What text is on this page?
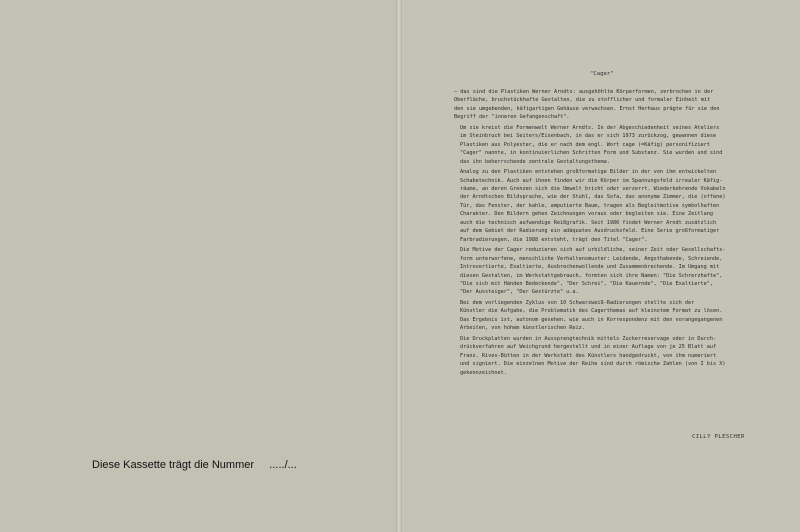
Diese Kassette trägt die Nummer     ...../...
"Cager"

– das sind die Plastiken Werner Arndts: ausgehöhlte Körperformen, zerbrochen in der
Oberfläche, bruchstückhafte Gestalten, die zu stofflicher und formaler Einheit mit
den sie umgebenden, käfigartigen Gehäuse verwachsen. Ernst Herhaus prägte für sie den
Begriff der "inneren Gefangenschaft".

Um sie kreist die Formenwelt Werner Arndts. In der Abgeschiedenheit seines Ateliers
im Steinbruch bei Seiters/Eisenbach, in das er sich 1973 zurückzog, gewannen diese
Plastiken aus Polyester, die er nach dem engl. Wort cage (=Käfig) personifiziert
"Cager" nannte, in kontinuierlichen Schritten Form und Substanz. Sie wurden und sind
das ihn beherrschende zentrale Gestaltungsthema.

Analog zu den Plastiken entstehen großformatige Bilder in der von ihm entwickelten
Schabetechnik. Auch auf ihnen finden wir die Körper im Spannungsfeld irrealer Käfig-
räume, an deren Grenzen sich die Umwelt bricht oder verzerrt. Wiederkehrende Vokabeln
der Arndtschen Bildsprache, wie der Stuhl, das Sofa, das anonyme Zimmer, die (offene)
Tür, das Fenster, der kahle, amputierte Baum, tragen als Begleitmotive symbolhaften
Charakter. Den Bildern gehen Zeichnungen voraus oder begleiten sie. Eine Zeitlang
auch die technisch aufwendige Reißgrafik. Seit 1986 findet Werner Arndt zusätzlich
auf dem Gebiet der Radierung ein adäquates Ausdrucksfeld. Eine Serie großformatiger
Farbradierungen, die 1988 entsteht, trägt den Titel "Cager".

Die Motive der Cager reduzieren sich auf urbildliche, seiner Zeit oder Gesellschafts-
form unterworfene, menschliche Verhaltensmuster: Leidende, Angsthabende, Schreiende,
Introvertierte, Exaltierte, Ausbrechenwollende und Zusammenbrechende. Im Umgang mit
diesen Gestalten, im Werkstattgebrauch, formten sich ihre Namen: "Die Schrerzhafte",
"Die sich mit Händen Bedeckende", "Der Schrei", "Die Kauernde", "Die Exaltierte",
"Der Aussteiger", "Der Gestürzte" u.a.

Bei dem vorliegenden Zyklus von 10 Schwarzweiß-Radierungen stellte sich der
Künstler die Aufgabe, die Problematik des Cagerthemas auf kleinstem Format zu lösen.
Das Ergebnis ist, autonom gesehen, wie auch in Korrespondenz mit den vorangegangenen
Arbeiten, von hohem künstlerischen Reiz.

Die Druckplatten wurden in Aussprengtechnik mittels Zuckerreservage oder in Durch-
drückverfahren auf Weichgrund hergestellt und in einer Auflage von je 25 Blatt auf
Franz. Rives-Bütten in der Werkstatt des Künstlers handgedruckt, von ihm numeriert
und signiert. Die einzelnen Motive der Reihe sind durch römische Zahlen (von I bis X)
gekennzeichnet.

CILLY PLESCHER
